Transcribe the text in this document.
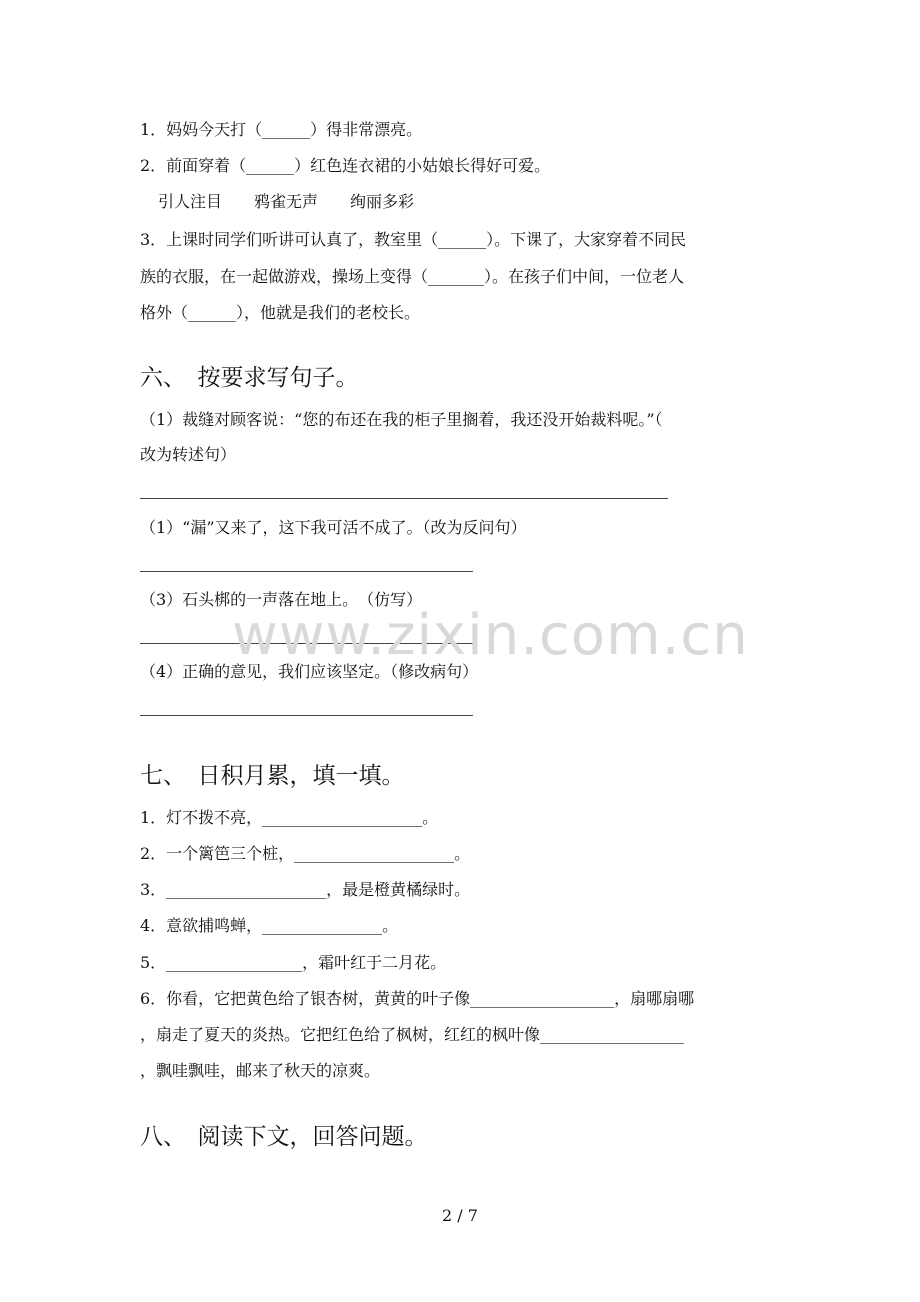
1．妈妈今天打（______）得非常漂亮。
2．前面穿着（______）红色连衣裙的小姑娘长得好可爱。
引人注目　　鸦雀无声　　绚丽多彩
3．上课时同学们听讲可认真了，教室里（______）。下课了，大家穿着不同民
族的衣服，在一起做游戏，操场上变得（_______）。在孩子们中间，一位老人
格外（______），他就是我们的老校长。
六、　按要求写句子。
（1）裁缝对顾客说：“您的布还在我的柜子里搁着，我还没开始裁料呢。”（
改为转述句）
（1）“漏”又来了，这下我可活不成了。（改为反问句）
（3）石头梆的一声落在地上。　（仿写）
（4）正确的意见，我们应该坚定。（修改病句）
七、　日积月累，填一填。
1．灯不拨不亮，____________________。
2．一个篱笆三个桩，____________________。
3．____________________，最是橙黄橘绿时。
4．意欲捕鸣蝉，_______________。
5．_________________，霜叶红于二月花。
6．你看，它把黄色给了银杏树，黄黄的叶子像__________________，扇哪扇哪
，扇走了夏天的炎热。它把红色给了枫树，红红的枫叶像__________________
，飘哇飘哇，邮来了秋天的凉爽。
八、　阅读下文，回答问题。
www.zixin.com.cn
2 / 7
